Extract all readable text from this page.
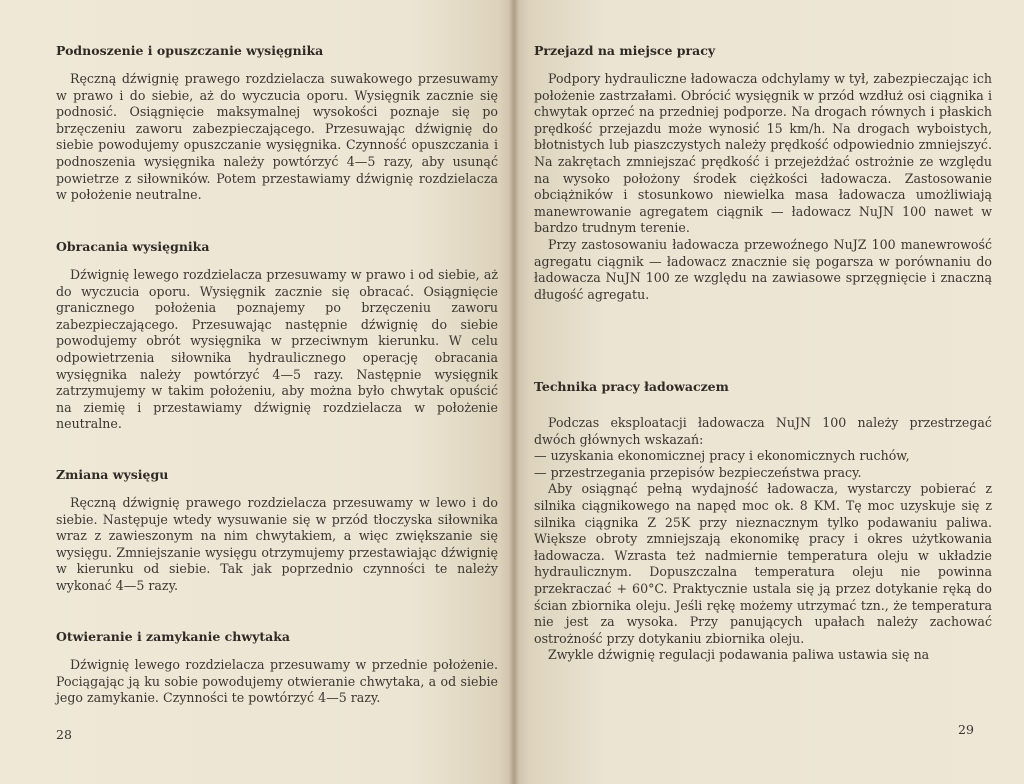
Podnoszenie i opuszczanie wysięgnika

Ręczną dźwignię prawego rozdzielacza suwakowego przesuwamy w prawo i do siebie, aż do wyczucia oporu. Wysięgnik zacznie się podnosić. Osiągnięcie maksymalnej wysokości poznaje się po brzęczeniu zaworu zabezpieczającego. Przesuwając dźwignię do siebie powodujemy opuszczanie wysięgnika. Czynność opuszczania i podnoszenia wysięgnika należy powtórzyć 4—5 razy, aby usunąć powietrze z siłowników. Potem przestawiamy dźwignię rozdzielacza w położenie neutralne.

Obracania wysięgnika

Dźwignię lewego rozdzielacza przesuwamy w prawo i od siebie, aż do wyczucia oporu. Wysięgnik zacznie się obracać. Osiągnięcie granicznego położenia poznajemy po brzęczeniu zaworu zabezpieczającego. Przesuwając następnie dźwignię do siebie powodujemy obrót wysięgnika w przeciwnym kierunku. W celu odpowietrzenia siłownika hydraulicznego operację obracania wysięgnika należy powtórzyć 4—5 razy. Następnie wysięgnik zatrzymujemy w takim położeniu, aby można było chwytak opuścić na ziemię i przestawiamy dźwignię rozdzielacza w położenie neutralne.

Zmiana wysięgu

Ręczną dźwignię prawego rozdzielacza przesuwamy w lewo i do siebie. Następuje wtedy wysuwanie się w przód tłoczyska siłownika wraz z zawieszonym na nim chwytakiem, a więc zwiększanie się wysięgu. Zmniejszanie wysięgu otrzymujemy przestawiając dźwignię w kierunku od siebie. Tak jak poprzednio czynności te należy wykonać 4—5 razy.

Otwieranie i zamykanie chwytaka

Dźwignię lewego rozdzielacza przesuwamy w przednie położenie. Pociągając ją ku sobie powodujemy otwieranie chwytaka, a od siebie jego zamykanie. Czynności te powtórzyć 4—5 razy.

28
Przejazd na miejsce pracy

Podpory hydrauliczne ładowacza odchylamy w tył, zabezpieczając ich położenie zastrzałami. Obrócić wysięgnik w przód wzdłuż osi ciągnika i chwytak oprzeć na przedniej podporze. Na drogach równych i płaskich prędkość przejazdu może wynosić 15 km/h. Na drogach wyboistych, błotnistych lub piaszczystych należy prędkość odpowiednio zmniejszyć. Na zakrętach zmniejszać prędkość i przejeżdżać ostrożnie ze względu na wysoko położony środek ciężkości ładowacza. Zastosowanie obciążników i stosunkowo niewielka masa ładowacza umożliwiają manewrowanie agregatem ciągnik — ładowacz NuJN 100 nawet w bardzo trudnym terenie.

Przy zastosowaniu ładowacza przewoźnego NuJZ 100 manewrowość agregatu ciągnik — ładowacz znacznie się pogarsza w porównaniu do ładowacza NuJN 100 ze względu na zawiasowe sprzęgnięcie i znaczną długość agregatu.

Technika pracy ładowaczem

Podczas eksploatacji ładowacza NuJN 100 należy przestrzegać dwóch głównych wskazań:

— uzyskania ekonomicznej pracy i ekonomicznych ruchów,

— przestrzegania przepisów bezpieczeństwa pracy.

Aby osiągnąć pełną wydajność ładowacza, wystarczy pobierać z silnika ciągnikowego na napęd moc ok. 8 KM. Tę moc uzyskuje się z silnika ciągnika Z 25K przy nieznacznym tylko podawaniu paliwa. Większe obroty zmniejszają ekonomikę pracy i okres użytkowania ładowacza. Wzrasta też nadmiernie temperatura oleju w układzie hydraulicznym. Dopuszczalna temperatura oleju nie powinna przekraczać + 60°C. Praktycznie ustala się ją przez dotykanie ręką do ścian zbiornika oleju. Jeśli rękę możemy utrzymać tzn., że temperatura nie jest za wysoka. Przy panujących upałach należy zachować ostrożność przy dotykaniu zbiornika oleju.

Zwykle dźwignię regulacji podawania paliwa ustawia się na

29
